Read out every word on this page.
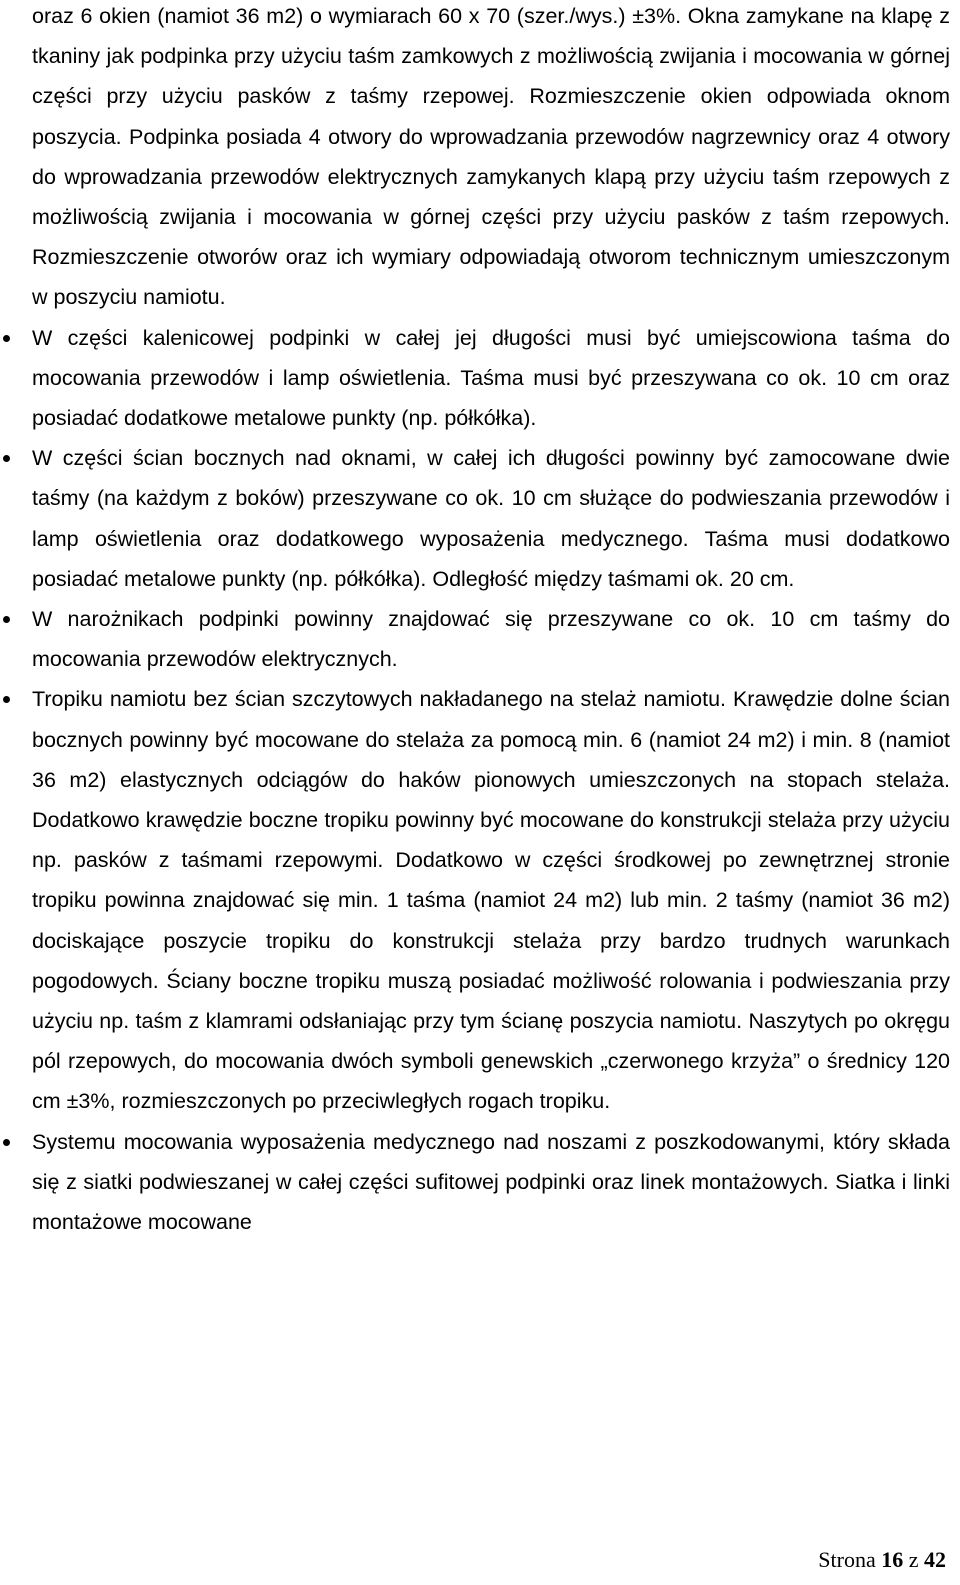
oraz 6 okien (namiot 36 m2) o wymiarach 60 x 70 (szer./wys.) ±3%. Okna zamykane na klapę z tkaniny jak podpinka przy użyciu taśm zamkowych z możliwością zwijania i mocowania w górnej części przy użyciu pasków z taśmy rzepowej. Rozmieszczenie okien odpowiada oknom poszycia. Podpinka posiada 4 otwory do wprowadzania przewodów nagrzewnicy oraz 4 otwory do wprowadzania przewodów elektrycznych zamykanych klapą przy użyciu taśm rzepowych z możliwością zwijania i mocowania w górnej części przy użyciu pasków z taśm rzepowych. Rozmieszczenie otworów oraz ich wymiary odpowiadają otworom technicznym umieszczonym w poszyciu namiotu.

W części kalenicowej podpinki w całej jej długości musi być umiejscowiona taśma do mocowania przewodów i lamp oświetlenia. Taśma musi być przeszywana co ok. 10 cm oraz posiadać dodatkowe metalowe punkty (np. półkółka).
W części ścian bocznych nad oknami, w całej ich długości powinny być zamocowane dwie taśmy (na każdym z boków) przeszywane co ok. 10 cm służące do podwieszania przewodów i lamp oświetlenia oraz dodatkowego wyposażenia medycznego. Taśma musi dodatkowo posiadać metalowe punkty (np. półkółka). Odległość między taśmami ok. 20 cm.
W narożnikach podpinki powinny znajdować się przeszywane co ok. 10 cm taśmy do mocowania przewodów elektrycznych.
Tropiku namiotu bez ścian szczytowych nakładanego na stelaż namiotu. Krawędzie dolne ścian bocznych powinny być mocowane do stelaża za pomocą min. 6 (namiot 24 m2) i min. 8 (namiot 36 m2) elastycznych odciągów do haków pionowych umieszczonych na stopach stelaża. Dodatkowo krawędzie boczne tropiku powinny być mocowane do konstrukcji stelaża przy użyciu np. pasków z taśmami rzepowymi. Dodatkowo w części środkowej po zewnętrznej stronie tropiku powinna znajdować się min. 1 taśma (namiot 24 m2) lub min. 2 taśmy (namiot 36 m2) dociskające poszycie tropiku do konstrukcji stelaża przy bardzo trudnych warunkach pogodowych. Ściany boczne tropiku muszą posiadać możliwość rolowania i podwieszania przy użyciu np. taśm z klamrami odsłaniając przy tym ścianę poszycia namiotu. Naszytych po okręgu pól rzepowych, do mocowania dwóch symboli genewskich „czerwonego krzyża” o średnicy 120 cm ±3%, rozmieszczonych po przeciwległych rogach tropiku.
Systemu mocowania wyposażenia medycznego nad noszami z poszkodowanymi, który składa się z siatki podwieszanej w całej części sufitowej podpinki oraz linek montażowych. Siatka i linki montażowe mocowane
Strona 16 z 42
